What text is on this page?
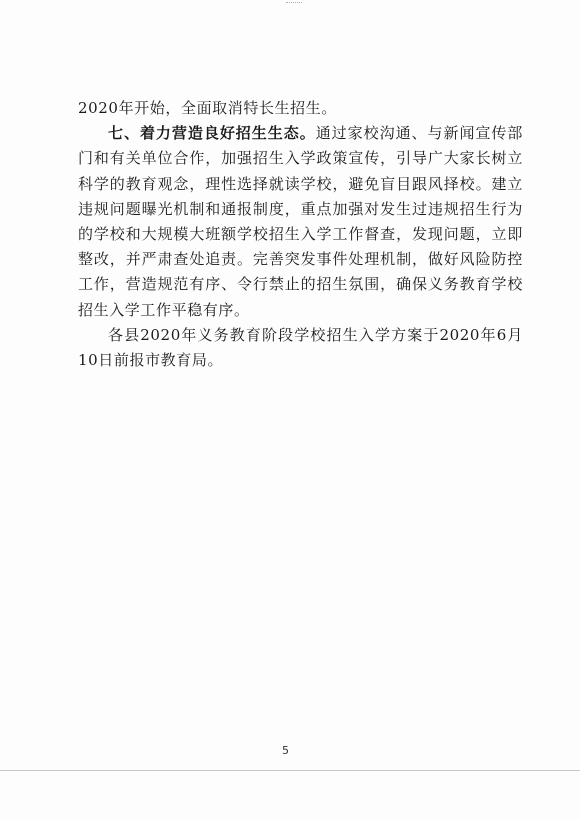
2020年开始，全面取消特长生招生。

七、着力营造良好招生生态。通过家校沟通、与新闻宣传部门和有关单位合作，加强招生入学政策宣传，引导广大家长树立科学的教育观念，理性选择就读学校，避免盲目跟风择校。建立违规问题曝光机制和通报制度，重点加强对发生过违规招生行为的学校和大规模大班额学校招生入学工作督查，发现问题，立即整改，并严肃查处追责。完善突发事件处理机制，做好风险防控工作，营造规范有序、令行禁止的招生氛围，确保义务教育学校招生入学工作平稳有序。

各县2020年义务教育阶段学校招生入学方案于2020年6月10日前报市教育局。

5
